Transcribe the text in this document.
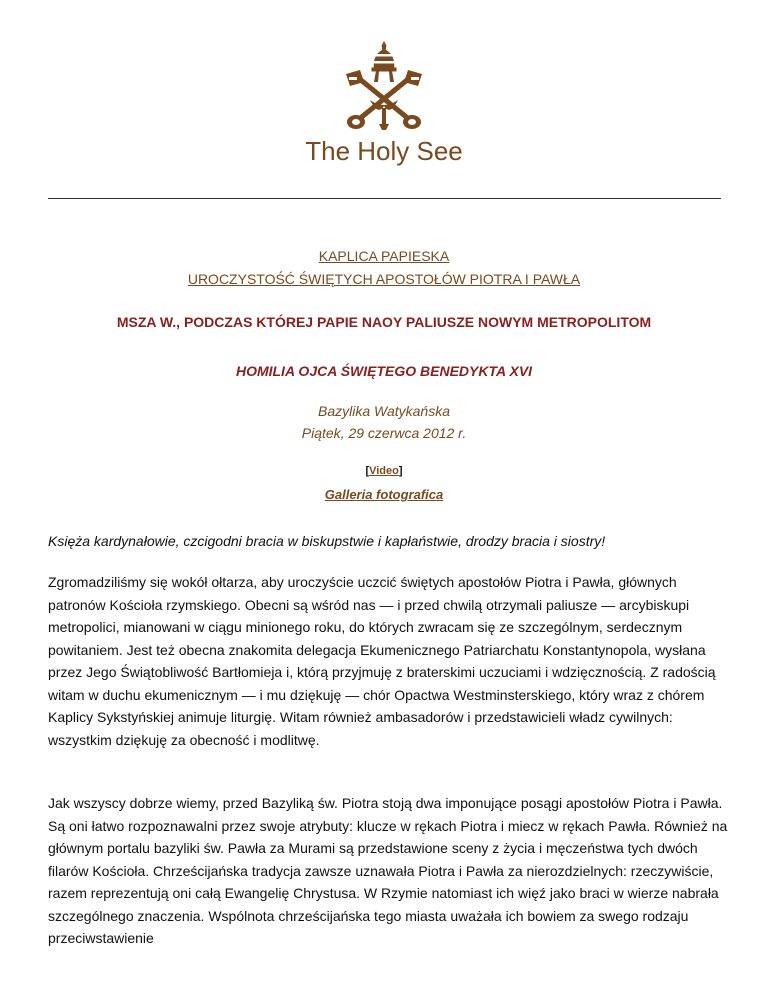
The Holy See
KAPLICA PAPIESKA
UROCZYSTOŚĆ ŚWIĘTYCH APOSTOŁÓW PIOTRA I PAWŁA
MSZA W., PODCZAS KTÓREJ PAPIE NAOY PALIUSZE NOWYM METROPOLITOM
HOMILIA OJCA ŚWIĘTEGO BENEDYKTA XVI
Bazylika Watykańska
Piątek, 29 czerwca 2012 r.
[Video]
Galleria fotografica
Księża kardynałowie, czcigodni bracia w biskupstwie i kapłaństwie, drodzy bracia i siostry!

Zgromadziliśmy się wokół ołtarza, aby uroczyście uczcić świętych apostołów Piotra i Pawła, głównych patronów Kościoła rzymskiego. Obecni są wśród nas — i przed chwilą otrzymali paliusze — arcybiskupi metropolici, mianowani w ciągu minionego roku, do których zwracam się ze szczególnym, serdecznym powitaniem. Jest też obecna znakomita delegacja Ekumenicznego Patriarchatu Konstantynopola, wysłana przez Jego Świątobliwość Bartłomieja i, którą przyjmuję z braterskimi uczuciami i wdzięcznością. Z radością witam w duchu ekumenicznym — i mu dziękuję — chór Opactwa Westminsterskiego, który wraz z chórem Kaplicy Sykstyńskiej animuje liturgię. Witam również ambasadorów i przedstawicieli władz cywilnych: wszystkim dziękuję za obecność i modlitwę.

Jak wszyscy dobrze wiemy, przed Bazyliką św. Piotra stoją dwa imponujące posągi apostołów Piotra i Pawła. Są oni łatwo rozpoznawalni przez swoje atrybuty: klucze w rękach Piotra i miecz w rękach Pawła. Również na głównym portalu bazyliki św. Pawła za Murami są przedstawione sceny z życia i męczeństwa tych dwóch filarów Kościoła. Chrześcijańska tradycja zawsze uznawała Piotra i Pawła za nierozdzielnych: rzeczywiście, razem reprezentują oni całą Ewangelię Chrystusa. W Rzymie natomiast ich więź jako braci w wierze nabrała szczególnego znaczenia. Wspólnota chrześcijańska tego miasta uważała ich bowiem za swego rodzaju przeciwstawienie
